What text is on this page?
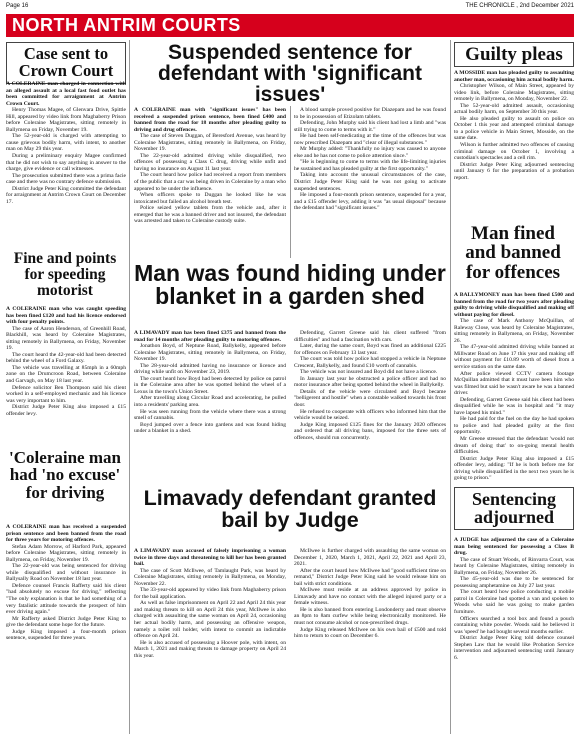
Page 16	THE CHRONICLE , 2nd December 2021
NORTH ANTRIM COURTS
Case sent to Crown Court

A COLERAINE man charged in connection with an alleged assault at a local fast food outlet has been committed for arraignment at Antrim Crown Court.

Henry Thomas Magee, of Glenvara Drive, Spittle Hill, appeared by video link from Maghaberry Prison before Coleraine Magistrates, sitting remotely in Ballymena on Friday, November 19.

The 52-year-old is charged with attempting to cause grievous bodily harm, with intent, to another man on May 29 this year.

During a preliminary enquiry Magee confirmed that he did not wish to say anything in answer to the charge, give evidence or call witnesses.

The prosecution submitted there was a prima facie case and there was no contrary defence submission.

District Judge Peter King committed the defendant for arraignment at Antrim Crown Court on December 17.

Fine and points for speeding motorist

A COLERAINE man who was caught speeding has been fined £120 and had his licence endorsed with four penalty points.

The case of Aaron Henderson, of Greenhill Road, Blackhill, was heard by Coleraine Magistrates, sitting remotely in Ballymena, on Friday, November 19.

The court heard the 42-year-old had been detected behind the wheel of a Ford Galaxy.

The vehicle was travelling at 85mph in a 60mph zone on the Drumcroon Road, between Coleraine and Garvagh, on May 18 last year.

Defence solicitor Ben Thompson said his client worked in a self-employed mechanic and his licence was very important to him.

District Judge Peter King also imposed a £15 offender levy.

'Coleraine man had 'no excuse' for driving

A COLERAINE man has received a suspended prison sentence and been banned from the road for three years for motoring offences.

Stefan Adam Morrow, of Harford Park, appeared before Coleraine Magistrates, sitting remotely in Ballymena, on Friday, November 19.

The 22-year-old was being sentenced for driving while disqualified and without insurance in Ballysally Road on November 18 last year.

Defence counsel Francis Rafferty said his client "had absolutely no excuse for driving," reflecting "The only explanation is that he had something of a very fatalistic attitude towards the prospect of him ever driving again."

Mr Rafferty asked District Judge Peter King to give the defendant some hope for the future.

Judge King imposed a four-month prison sentence, suspended for three years.

Suspended sentence for defendant with 'significant issues'

A COLERAINE man with "significant issues" has been received a suspended prison sentence, been fined £400 and banned from the road for 18 months after pleading guilty to driving and drug offences.

The case of Steven Duggan, of Beresford Avenue, was heard by Coleraine Magistrates, sitting remotely in Ballymena, on Friday, November 19.

The 22-year-old admitted driving while disqualified, two offences of possessing a Class C drug, driving while unfit and having no insurance on August 11 last year.

The court heard how police had received a report from members of the public that a car was being driven in Coleraine by a man who appeared to be under the influence.

When officers spoke to Duggan he looked like he was intoxicated but failed an alcohol breath test.

Police seized yellow tablets from the vehicle and, after it emerged that he was a banned driver and not insured, the defendant was arrested and taken to Coleraine custody suite.

A blood sample proved positive for Diazepam and he was found to be in possession of Etizolam tablets.

Defending, John Murphy said his client had lost a limb and "was still trying to come to terms with it."

He had been self-medicating at the time of the offences but was now prescribed Diazepam and "clear of illegal substances."

Mr Murphy added: "Thankfully no injury was caused to anyone else and he has not come to police attention since."

"He is beginning to come to terms with the life-limiting injuries he sustained and has pleaded guilty at the first opportunity."

Taking into account the unusual circumstances of the case, District Judge Peter King said he was not going to activate suspended sentences.

He imposed a four-month prison sentence, suspended for a year, and a £15 offender levy, adding it was "as usual disposal" because the defendant had "significant issues."

Man was found hiding under blanket in a garden shed

A LIMAVADY man has been fined £375 and banned from the road for 14 months after pleading guilty to motoring offences.

Jonathon Boyd, of Neptune Road, Ballykelly, appeared before Coleraine Magistrates, sitting remotely in Ballymena, on Friday, November 19.

The 28-year-old admitted having no insurance or licence and driving while unfit on November 23, 2019.

The court heard how Boyd had been detected by police on patrol in the Coleraine area after he was spotted behind the wheel of a Lexus in the town's Union Street.

After travelling along Circular Road and accelerating, he pulled into a residents' parking area.

He was seen running from the vehicle where there was a strong smell of cannabis.

Boyd jumped over a fence into gardens and was found hiding under a blanket in a shed.

Defending, Garrett Greene said his client suffered "from difficulties" and had a fascination with cars.

Later, during the same court, Boyd was fined an additional £225 for offences on February 13 last year.

The court was told how police had stopped a vehicle in Neptune Crescent, Ballykelly, and found £10 worth of cannabis.

The vehicle was not insured and Boyd did not have a licence.

In January last year he obstructed a police officer and had no motor insurance after being spotted behind the wheel in Ballykelly.

Details of the vehicle were circulated and Boyd became "belligerent and hostile" when a constable walked towards his front door.

He refused to cooperate with officers who informed him that the vehicle would be seized.

Judge King imposed £125 fines for the January 2020 offences and ordered that all driving bans, imposed for the three sets of offences, should run concurrently.

Limavady defendant granted bail by Judge

A LIMAVADY man accused of falsely imprisoning a woman twice in three days and threatening to kill her has been granted bail.

The case of Scott McIlwee, of Tamlaught Park, was heard by Coleraine Magistrates, sitting remotely in Ballymena, on Monday, November 22.

The 33-year-old appeared by video link from Maghaberry prison for the bail application.

As well as false imprisonment on April 22 and April 24 this year and making threats to kill on April 24 this year, McIlwee is also charged with assaulting the same woman on April 24, occasioning her actual bodily harm, and possessing an offensive weapon, namely a toilet roll holder, with intent to commit an indictable offence on April 24.

He is also accused of possessing a Hoover pole, with intent, on March 1, 2021 and making threats to damage property on April 24 this year.

McIlwee is further charged with assaulting the same woman on December 1, 2020, March 1, 2021, April 22, 2021 and April 23, 2021.

After the court heard how McIlwee had "good sufficient time on remand," District Judge Peter King said he would release him on bail with strict conditions.

McIlwee must reside at an address approved by police in Limavady and have no contact with the alleged injured party or a female witness.

He is also banned from entering Londonderry and must observe an 8pm to 8am curfew while being electronically monitored. He must not consume alcohol or non-prescribed drugs.

Judge King released McIlwee on his own bail of £500 and told him to return to court on December 6.

Guilty pleas

A MOSSIDE man has pleaded guilty to assaulting another man, occasioning him actual bodily harm.

Christopher Wilson, of Main Street, appeared by video link, before Coleraine Magistrates, sitting remotely in Ballymena, on Monday, November 22.

The 52-year-old admitted assault, occasioning actual bodily harm, on September 30 this year.

He also pleaded guilty to assault on police on October 1 this year and attempted criminal damage to a police vehicle in Main Street, Mosside, on the same date.

Wilson is further admitted two offences of causing criminal damage on October 1, involving a custodian's spectacles and a cell rim.

District Judge Peter King adjourned sentencing until January 6 for the preparation of a probation report.

Man fined and banned for offences

A BALLYMONEY man has been fined £500 and banned from the road for two years after pleading guilty to driving while disqualified and making off without paying for diesel.

The case of Mark Anthony McQuillan, of Raleway Close, was heard by Coleraine Magistrates, sitting remotely in Ballymena, on Friday, November 26.

The 47-year-old admitted driving while banned at Millwater Road on June 17 this year and making off without payment for £10.89 worth of diesel from a service station on the same date.

After police viewed CCTV camera footage McQuillan admitted that it must have been him who was filmed but said he wasn't aware he was a banned driver.

Defending, Garrett Greene said his client had been disqualified while he was in hospital and "it may have lapsed his mind."

He had paid for the fuel on the day he had spoken to police and had pleaded guilty at the first opportunity.

Mr Greene stressed that the defendant 'would not dream of doing that' to on-going mental health difficulties.

District Judge Peter King also imposed a £15 offender levy, adding: "If he is both before me for driving while disqualified in the next two years he is going to prison."

Sentencing adjourned

A JUDGE has adjourned the case of a Coleraine man being sentenced for possessing a Class B drug.

The case of Stuart Woods, of Rinvarra Court, was heard by Coleraine Magistrates, sitting remotely in Ballymena, on Friday, November 26.

The 45-year-old was due to be sentenced for possessing amphetamine on July 27 last year.

The court heard how police conducting a mobile patrol in Coleraine had spotted a van and spoken to Woods who said he was going to make garden furniture.

Officers searched a tool box and found a pouch containing white powder. Woods said he believed it was 'speed' he had bought several months earlier.

District Judge Peter King told defence counsel Stephen Law that he would like Probation Service intervention and adjourned sentencing until January 6.
